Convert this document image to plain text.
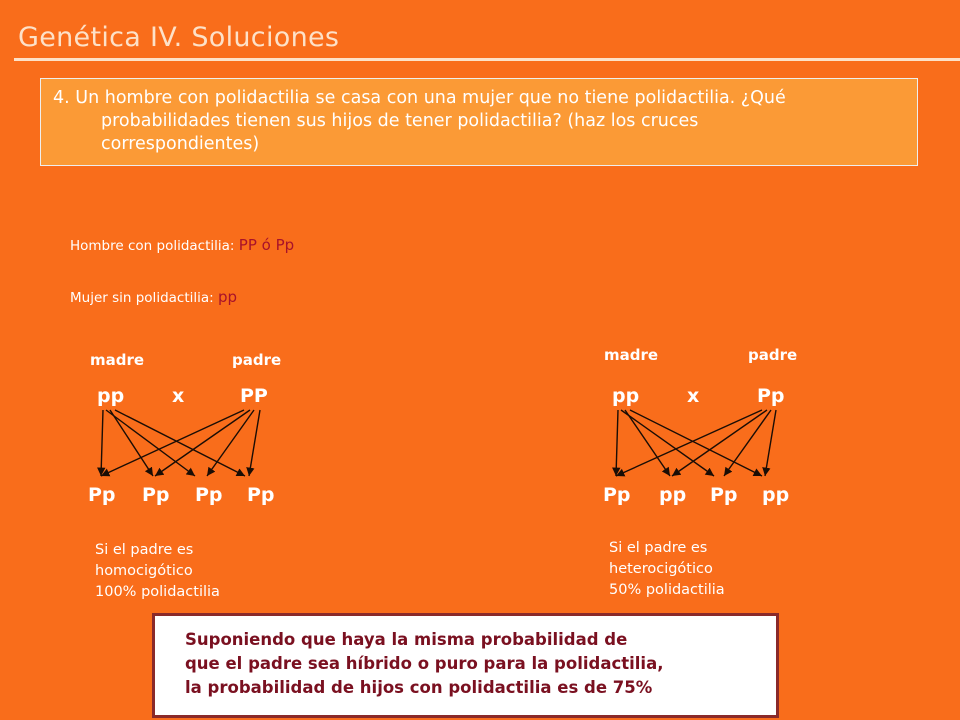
Genética IV. Soluciones
4. Un hombre con polidactilia se casa con una mujer que no tiene polidactilia. ¿Qué
probabilidades tienen sus hijos de tener polidactilia? (haz los cruces
correspondientes)
Hombre con polidactilia: PP ó Pp
Mujer sin polidactilia: pp
madre	padre
pp	x	PP
Pp Pp Pp Pp
Si el padre es
homocigótico
100% polidactilia
madre	padre
pp	x	Pp
Pp pp Pp pp
Si el padre es
heterocigótico
50% polidactilia
Suponiendo que haya la misma probabilidad de
que el padre sea híbrido o puro para la polidactilia,
la probabilidad de hijos con polidactilia es de 75%
